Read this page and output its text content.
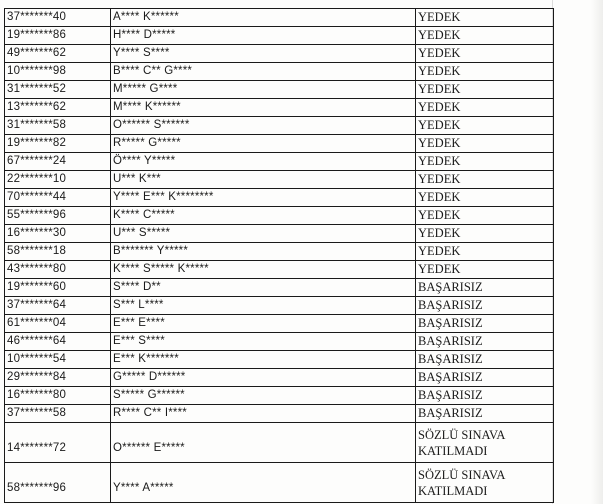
37*******40	A**** K******	YEDEK
19*******86	H**** D*****	YEDEK
49*******62	Y**** S****	YEDEK
10*******98	B**** C** G****	YEDEK
31*******52	M***** G****	YEDEK
13*******62	M**** K******	YEDEK
31*******58	O****** S******	YEDEK
19*******82	R***** G*****	YEDEK
67*******24	Ö**** Y*****	YEDEK
22*******10	U*** K***	YEDEK
70*******44	Y**** E*** K********	YEDEK
55*******96	K**** C*****	YEDEK
16*******30	U*** S*****	YEDEK
58*******18	B******* Y*****	YEDEK
43*******80	K**** S***** K*****	YEDEK
19*******60	S**** D**	BAŞARISIZ
37*******64	S*** L****	BAŞARISIZ
61*******04	E*** E****	BAŞARISIZ
46*******64	E*** S****	BAŞARISIZ
10*******54	E*** K*******	BAŞARISIZ
29*******84	G***** D******	BAŞARISIZ
16*******80	S***** G******	BAŞARISIZ
37*******58	R**** C** I****	BAŞARISIZ
14*******72	O****** E*****	SÖZLÜ SINAVA
KATILMADI

58*******96	Y**** A*****	SÖZLÜ SINAVA
KATILMADI
